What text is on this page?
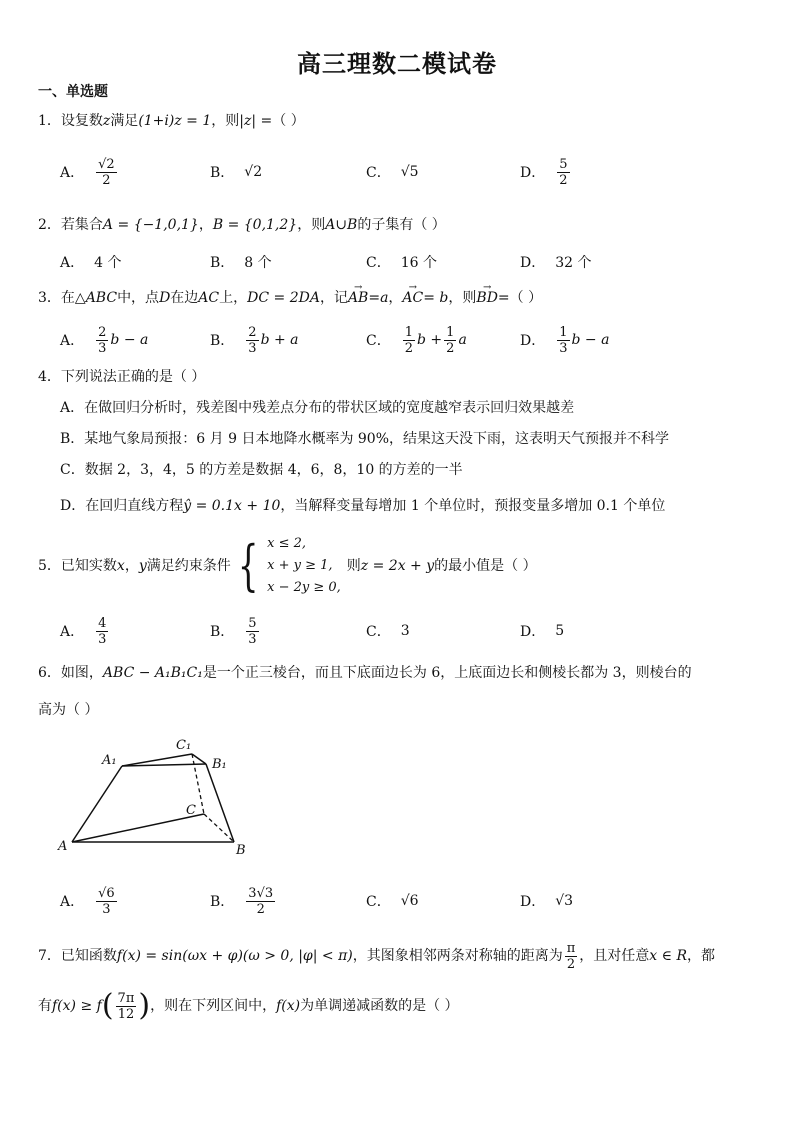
高三理数二模试卷
一、单选题
1．设复数z满足(1+i)z = 1，则|z| =（ ）
A． $\frac{√2}{2}$	B． √2	C． √5	D． $\frac{5}{2}$
2．若集合A = {−1,0,1}，B = {0,1,2}，则A∪B的子集有（ ）
A． 4 个	B． 8 个	C． 16 个	D． 32 个
3．在△ABC中，点D在边AC上，DC = 2DA，记→ AB=a，→ AC= b，则→ BD=（ ）
A． $\frac{2}{3}$ b − a	B． $\frac{2}{3}$ b + a	C． $\frac{1}{2}$ $b + \frac{1}{2}$ a	D． $\frac{1}{3}$ b − a
4．下列说法正确的是（ ）
A．在做回归分析时，残差图中残差点分布的带状区域的宽度越窄表示回归效果越差
B．某地气象局预报：6 月 9 日本地降水概率为 90%，结果这天没下雨，这表明天气预报并不科学
C．数据 2，3，4，5 的方差是数据 4，6，8，10 的方差的一半
D．在回归直线方程ŷ = 0.1x + 10，当解释变量每增加 1 个单位时，预报变量多增加 0.1 个单位
5． 已知实数 x ， y 满足约束条件 { x ≤ 2,
x + y ≥ 1,
x − 2y ≥ 0,
则 z = 2x + y 的最小值是（ ）
A． $\frac{4}{3}$	B． $\frac{5}{3}$	C． 3	D． 5
6．如图，ABC − A₁B₁C₁是一个正三棱台，而且下底面边长为 6，上底面边长和侧棱长都为 3，则棱台的
高为（ ）
A₁
C₁
B₁
C
A	B
A． $\frac{√6}{3}$	B． $\frac{3√3}{2}$	C． √6	D． √3
7． 已知函数 f(x) = sin(ωx + φ)(ω > 0, |φ| < π) ，其图象相邻两条对称轴的距离为 $\frac{\pi}{2}$ ，且对任意 x ∈ R ，都
有 f(x) ≥ f ( $\frac{7\pi}{12}$ ) ，则在下列区间中， f(x) 为单调递减函数的是（ ）
